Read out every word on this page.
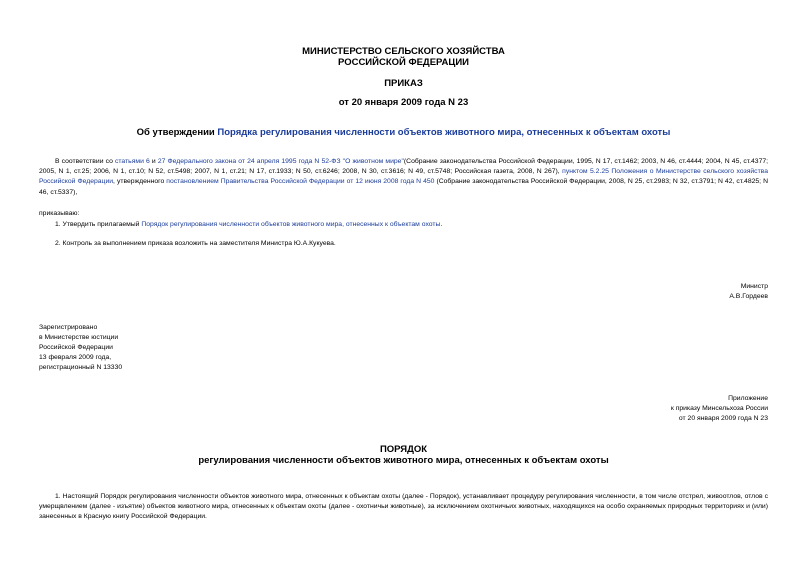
МИНИСТЕРСТВО СЕЛЬСКОГО ХОЗЯЙСТВА
РОССИЙСКОЙ ФЕДЕРАЦИИ
ПРИКАЗ
от 20 января 2009 года N 23
Об утверждении Порядка регулирования численности объектов животного мира, отнесенных к объектам охоты
В соответствии со статьями 6 и 27 Федерального закона от 24 апреля 1995 года N 52-ФЗ "О животном мире"(Собрание законодательства Российской Федерации, 1995, N 17, ст.1462; 2003, N 46, ст.4444; 2004, N 45, ст.4377; 2005, N 1, ст.25; 2006, N 1, ст.10; N 52, ст.5498; 2007, N 1, ст.21; N 17, ст.1933; N 50, ст.6246; 2008, N 30, ст.3616; N 49, ст.5748; Российская газета, 2008, N 267), пунктом 5.2.25 Положения о Министерстве сельского хозяйства Российской Федерации, утвержденного постановлением Правительства Российской Федерации от 12 июня 2008 года N 450 (Собрание законодательства Российской Федерации, 2008, N 25, ст.2983; N 32, ст.3791; N 42, ст.4825; N 46, ст.5337),
приказываю:
1. Утвердить прилагаемый Порядок регулирования численности объектов животного мира, отнесенных к объектам охоты.
2. Контроль за выполнением приказа возложить на заместителя Министра Ю.А.Кукуева.
Министр
А.В.Гордеев
Зарегистрировано
в Министерстве юстиции
Российской Федерации
13 февраля 2009 года,
регистрационный N 13330
Приложение
к приказу Минсельхоза России
от 20 января 2009 года N 23
ПОРЯДОК
регулирования численности объектов животного мира, отнесенных к объектам охоты
1. Настоящий Порядок регулирования численности объектов животного мира, отнесенных к объектам охоты (далее - Порядок), устанавливает процедуру регулирования численности, в том числе отстрел, живоотлов, отлов с умерщвлением (далее - изъятие) объектов животного мира, отнесенных к объектам охоты (далее - охотничьи животные), за исключением охотничьих животных, находящихся на особо охраняемых природных территориях и (или) занесенных в Красную книгу Российской Федерации.
